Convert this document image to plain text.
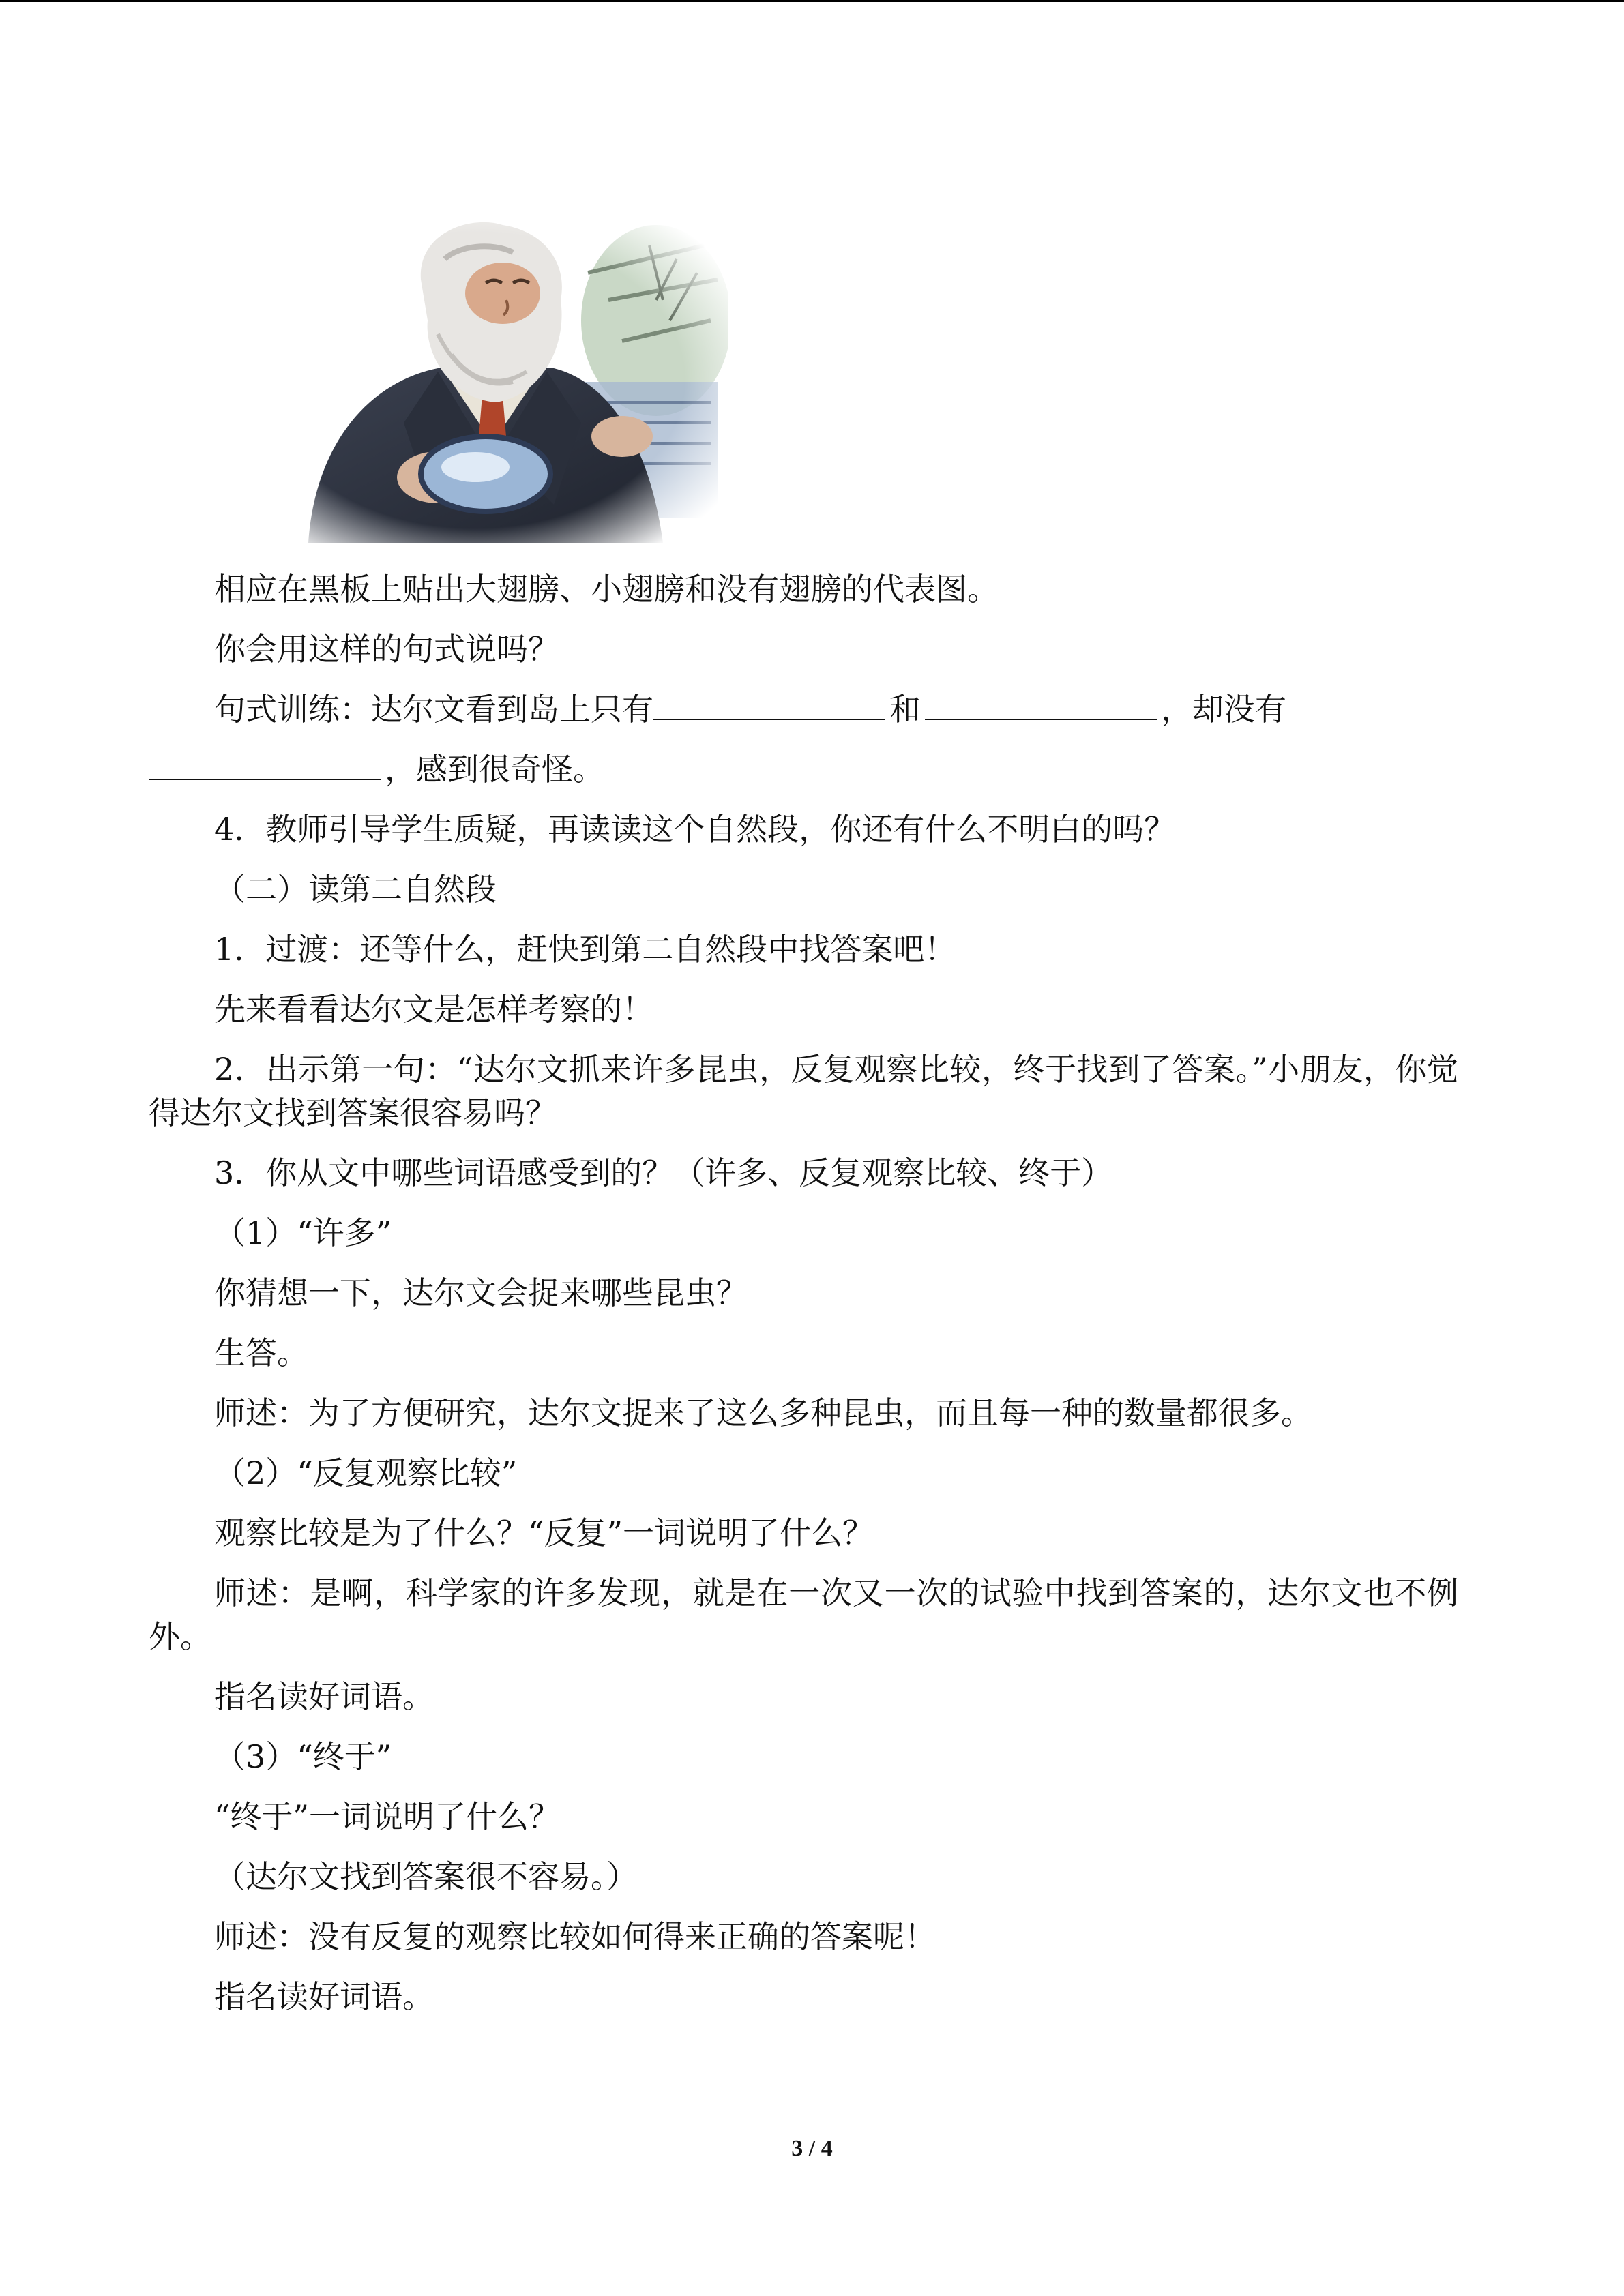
相应在黑板上贴出大翅膀、小翅膀和没有翅膀的代表图。

你会用这样的句式说吗？

句式训练：达尔文看到岛上只有	和	，却没有

，感到很奇怪。

4．教师引导学生质疑，再读读这个自然段，你还有什么不明白的吗？

（二）读第二自然段

1．过渡：还等什么，赶快到第二自然段中找答案吧！

先来看看达尔文是怎样考察的！

2．出示第一句：“达尔文抓来许多昆虫，反复观察比较，终于找到了答案。”小朋友，你觉得达尔文找到答案很容易吗？

3．你从文中哪些词语感受到的？（许多、反复观察比较、终于）

（1）“许多”

你猜想一下，达尔文会捉来哪些昆虫？

生答。

师述：为了方便研究，达尔文捉来了这么多种昆虫，而且每一种的数量都很多。

（2）“反复观察比较”

观察比较是为了什么？“反复”一词说明了什么？

师述：是啊，科学家的许多发现，就是在一次又一次的试验中找到答案的，达尔文也不例外。

指名读好词语。

（3）“终于”

“终于”一词说明了什么？

（达尔文找到答案很不容易。）

师述：没有反复的观察比较如何得来正确的答案呢！

指名读好词语。

3 / 4
